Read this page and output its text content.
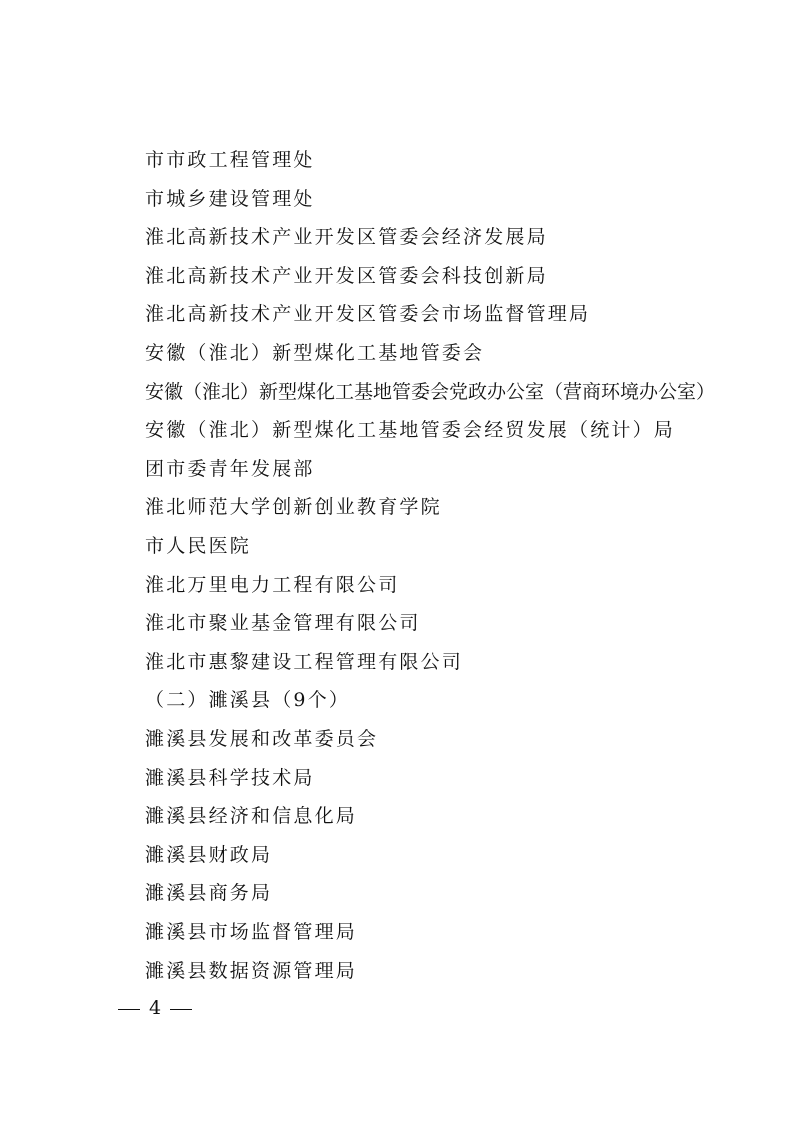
市市政工程管理处
市城乡建设管理处
淮北高新技术产业开发区管委会经济发展局
淮北高新技术产业开发区管委会科技创新局
淮北高新技术产业开发区管委会市场监督管理局
安徽（淮北）新型煤化工基地管委会
安徽（淮北）新型煤化工基地管委会党政办公室（营商环境办公室）
安徽（淮北）新型煤化工基地管委会经贸发展（统计）局
团市委青年发展部
淮北师范大学创新创业教育学院
市人民医院
淮北万里电力工程有限公司
淮北市聚业基金管理有限公司
淮北市惠黎建设工程管理有限公司
（二）濉溪县（9个）
濉溪县发展和改革委员会
濉溪县科学技术局
濉溪县经济和信息化局
濉溪县财政局
濉溪县商务局
濉溪县市场监督管理局
濉溪县数据资源管理局
4
